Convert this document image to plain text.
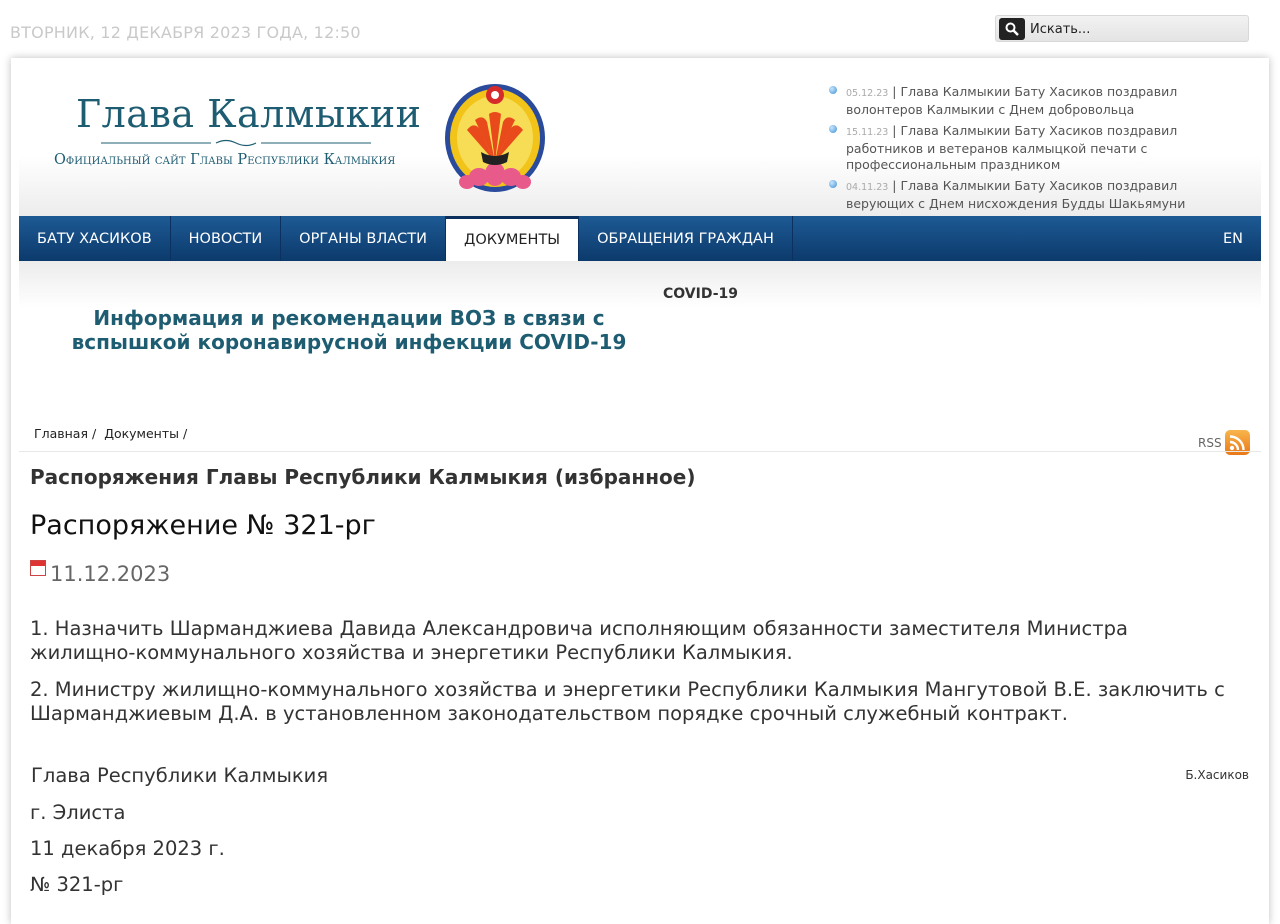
ВТОРНИК, 12 ДЕКАБРЯ 2023 ГОДА, 12:50
Искать...
Глава Калмыкии
Официальный сайт Главы Республики Калмыкия
05.12.23 | Глава Калмыкии Бату Хасиков поздравил волонтеров Калмыкии с Днем добровольца
15.11.23 | Глава Калмыкии Бату Хасиков поздравил работников и ветеранов калмыцкой печати с профессиональным праздником
04.11.23 | Глава Калмыкии Бату Хасиков поздравил верующих с Днем нисхождения Будды Шакьямуни
БАТУ ХАСИКОВ	НОВОСТИ	ОРГАНЫ ВЛАСТИ	ДОКУМЕНТЫ	ОБРАЩЕНИЯ ГРАЖДАН	EN
Информация и рекомендации ВОЗ в связи с вспышкой коронавирусной инфекции COVID-19
COVID-19
Главная / Документы /
RSS
Распоряжения Главы Республики Калмыкия (избранное)
Распоряжение № 321-рг
11.12.2023
1. Назначить Шарманджиева Давида Александровича исполняющим обязанности заместителя Министра жилищно-коммунального хозяйства и энергетики Республики Калмыкия.
2. Министру жилищно-коммунального хозяйства и энергетики Республики Калмыкия Мангутовой В.Е. заключить с Шарманджиевым Д.А. в установленном законодательством порядке срочный служебный контракт.
Глава Республики Калмыкия	Б.Хасиков
г. Элиста
11 декабря 2023 г.
№ 321-рг
